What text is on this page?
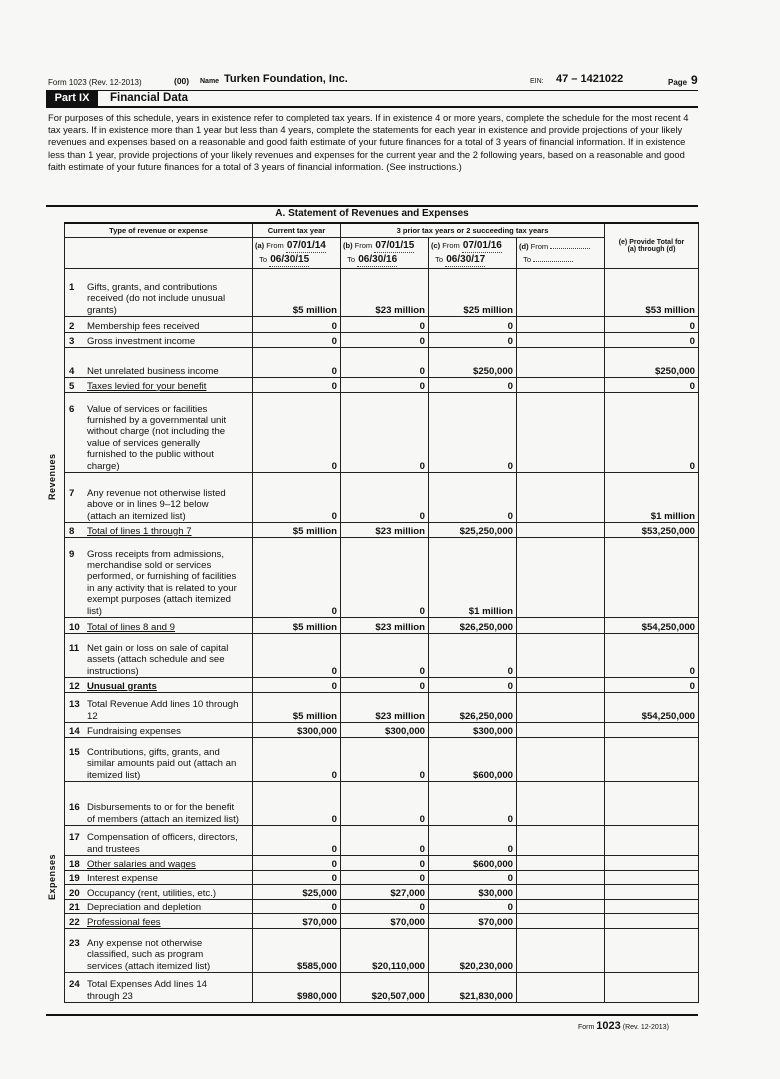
Form 1023 (Rev. 12-2013)	(00) Name Turken Foundation, Inc.	EIN: 47 – 1421022	Page 9
Part IX	Financial Data
For purposes of this schedule, years in existence refer to completed tax years. If in existence 4 or more years, complete the schedule for the most recent 4 tax years. If in existence more than 1 year but less than 4 years, complete the statements for each year in existence and provide projections of your likely revenues and expenses based on a reasonable and good faith estimate of your future finances for a total of 3 years of financial information. If in existence less than 1 year, provide projections of your likely revenues and expenses for the current year and the 2 following years, based on a reasonable and good faith estimate of your future finances for a total of 3 years of financial information. (See instructions.)
A. Statement of Revenues and Expenses
Revenues
Expenses
Type of revenue or expense	Current tax year	3 prior tax years or 2 succeeding tax years			(e) Provide Total for
(a) through (d)

(a) From 07/01/14
To 06/30/15

(b) From 07/01/15
To 06/30/16

(c) From 07/01/16
To 06/30/17

(d) From
To

1 Gifts, grants, and contributions received (do not include unusual grants)	$5 million	$23 million	$25 million		$53 million
2 Membership fees received	0	0	0		0
3 Gross investment income	0	0	0		0
4 Net unrelated business income	0	0	$250,000		$250,000
5 Taxes levied for your benefit	0	0	0		0
6 Value of services or facilities furnished by a governmental unit without charge (not including the value of services generally furnished to the public without charge)	0	0	0		0
7 Any revenue not otherwise listed above or in lines 9–12 below (attach an itemized list)	0	0	0		$1 million
8 Total of lines 1 through 7	$5 million	$23 million	$25,250,000		$53,250,000
9 Gross receipts from admissions, merchandise sold or services performed, or furnishing of facilities in any activity that is related to your exempt purposes (attach itemized list)	0	0	$1 million		
10 Total of lines 8 and 9	$5 million	$23 million	$26,250,000		$54,250,000
11 Net gain or loss on sale of capital assets (attach schedule and see instructions)	0	0	0		0
12 Unusual grants	0	0	0		0
13 Total Revenue Add lines 10 through 12	$5 million	$23 million	$26,250,000		$54,250,000
14 Fundraising expenses	$300,000	$300,000	$300,000		
15 Contributions, gifts, grants, and similar amounts paid out (attach an itemized list)	0	0	$600,000		
16 Disbursements to or for the benefit of members (attach an itemized list)	0	0	0		
17 Compensation of officers, directors, and trustees	0	0	0		
18 Other salaries and wages	0	0	$600,000		
19 Interest expense	0	0	0		
20 Occupancy (rent, utilities, etc.)	$25,000	$27,000	$30,000		
21 Depreciation and depletion	0	0	0		
22 Professional fees	$70,000	$70,000	$70,000		
23 Any expense not otherwise classified, such as program services (attach itemized list)	$585,000	$20,110,000	$20,230,000		
24 Total Expenses Add lines 14 through 23	$980,000	$20,507,000	$21,830,000		
Form 1023 (Rev. 12-2013)
